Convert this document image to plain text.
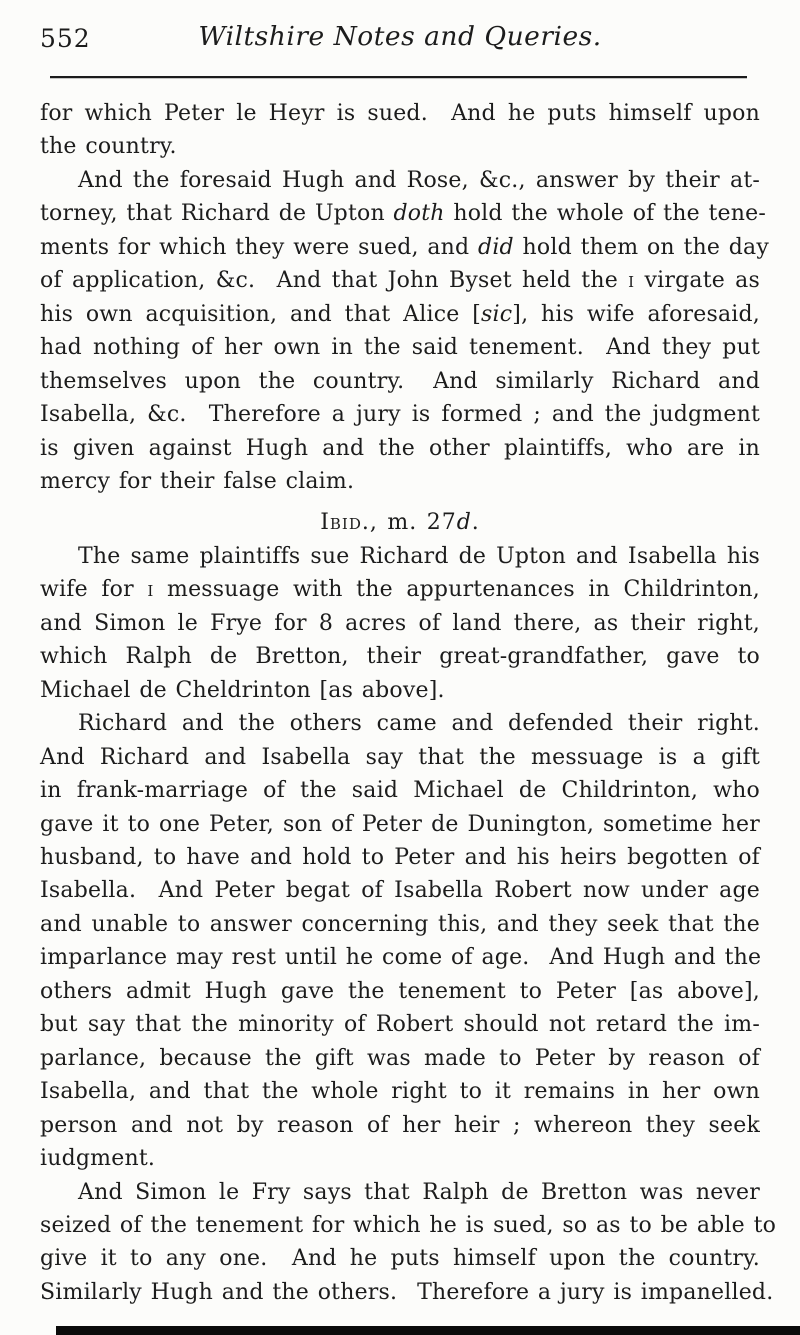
552	Wiltshire Notes and Queries.
for which Peter le Heyr is sued.  And he puts himself upon
the country.
And the foresaid Hugh and Rose, &c., answer by their at-
torney, that Richard de Upton doth hold the whole of the tene-
ments for which they were sued, and did hold them on the day
of application, &c.  And that John Byset held the i virgate as
his own acquisition, and that Alice [sic], his wife aforesaid,
had nothing of her own in the said tenement.  And they put
themselves upon the country.  And similarly Richard and
Isabella, &c.  Therefore a jury is formed ; and the judgment
is given against Hugh and the other plaintiffs, who are in
mercy for their false claim.
Ibid., m. 27d.
The same plaintiffs sue Richard de Upton and Isabella his
wife for i messuage with the appurtenances in Childrinton,
and Simon le Frye for 8 acres of land there, as their right,
which Ralph de Bretton, their great-grandfather, gave to
Michael de Cheldrinton [as above].
Richard and the others came and defended their right.
And Richard and Isabella say that the messuage is a gift
in frank-marriage of the said Michael de Childrinton, who
gave it to one Peter, son of Peter de Dunington, sometime her
husband, to have and hold to Peter and his heirs begotten of
Isabella.  And Peter begat of Isabella Robert now under age
and unable to answer concerning this, and they seek that the
imparlance may rest until he come of age.  And Hugh and the
others admit Hugh gave the tenement to Peter [as above],
but say that the minority of Robert should not retard the im-
parlance, because the gift was made to Peter by reason of
Isabella, and that the whole right to it remains in her own
person and not by reason of her heir ; whereon they seek
iudgment.
And Simon le Fry says that Ralph de Bretton was never
seized of the tenement for which he is sued, so as to be able to
give it to any one.  And he puts himself upon the country.
Similarly Hugh and the others.  Therefore a jury is impanelled.
